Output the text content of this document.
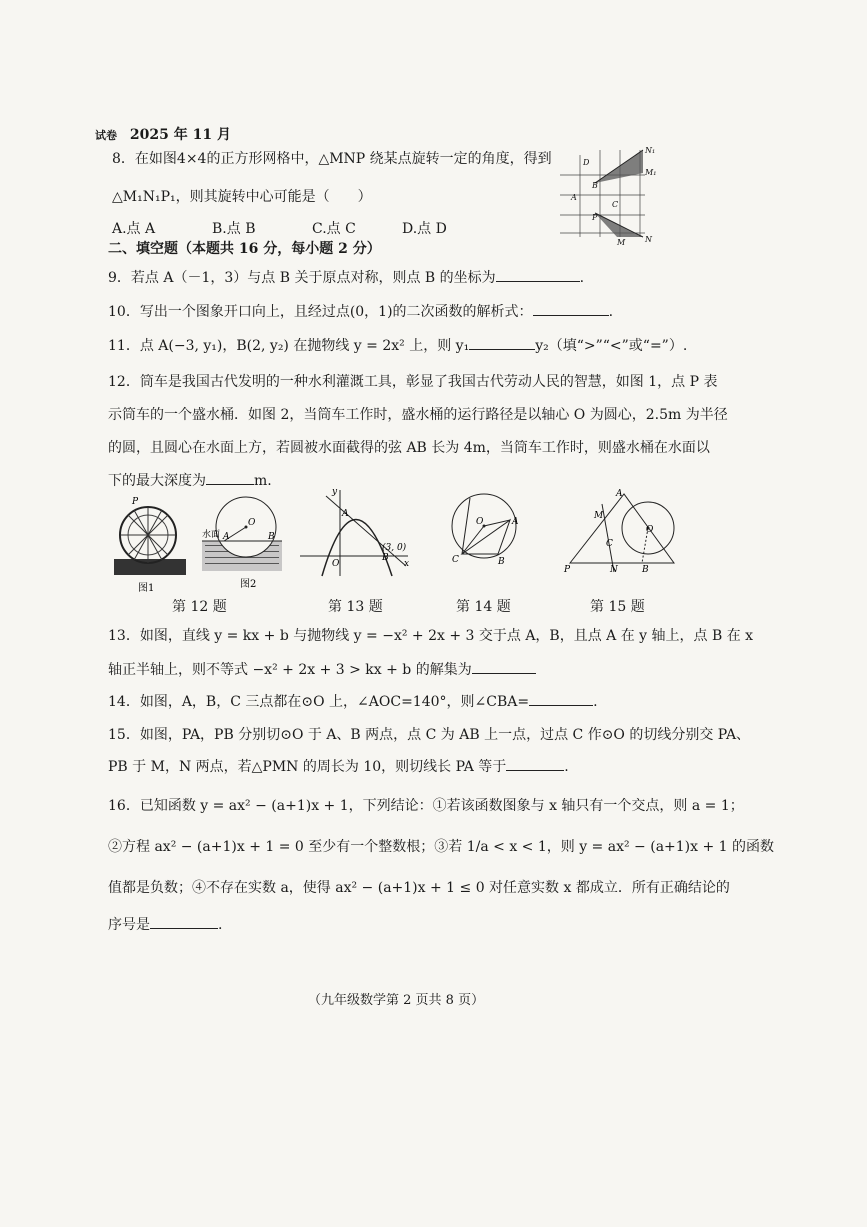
试卷 2025 年 11 月
8．在如图4×4的正方形网格中，△MNP 绕某点旋转一定的角度，得到
△M₁N₁P₁，则其旋转中心可能是（　　）
A.点 A	B.点 B	C.点 C	D.点 D
D
N₁
M₁
B
A
C
P
M N
二、填空题（本题共 16 分，每小题 2 分）
9．若点 A（－1，3）与点 B 关于原点对称，则点 B 的坐标为	.
10．写出一个图象开口向上，且经过点(0，1)的二次函数的解析式：	.
11．点 A(−3, y₁)，B(2, y₂) 在抛物线 y = 2x² 上，则 y₁	y₂（填“>”“<”或“=”）.
12．筒车是我国古代发明的一种水利灌溉工具，彰显了我国古代劳动人民的智慧，如图 1，点 P 表
示筒车的一个盛水桶．如图 2，当筒车工作时，盛水桶的运行路径是以轴心 O 为圆心，2.5m 为半径
的圆，且圆心在水面上方，若圆被水面截得的弦 AB 长为 4m，当筒车工作时，则盛水桶在水面以
下的最大深度为	m.
P
图1
O
A	B
水面
图2
y
(3, 0)
O	x
A
B
O
C
A
B
A
M
O
C
P	N	B
第 12 题	第 13 题	第 14 题	第 15 题
13．如图，直线 y = kx + b 与抛物线 y = −x² + 2x + 3 交于点 A，B，且点 A 在 y 轴上，点 B 在 x
轴正半轴上，则不等式 −x² + 2x + 3 > kx + b 的解集为
14．如图，A，B，C 三点都在⊙O 上，∠AOC=140°，则∠CBA=	.
15．如图，PA，PB 分别切⊙O 于 A、B 两点，点 C 为 AB 上一点，过点 C 作⊙O 的切线分别交 PA、
PB 于 M，N 两点，若△PMN 的周长为 10，则切线长 PA 等于	.
16．已知函数 y = ax² − (a+1)x + 1，下列结论：①若该函数图象与 x 轴只有一个交点，则 a = 1；
②方程 ax² − (a+1)x + 1 = 0 至少有一个整数根；③若 1/a < x < 1，则 y = ax² − (a+1)x + 1 的函数
值都是负数；④不存在实数 a，使得 ax² − (a+1)x + 1 ≤ 0 对任意实数 x 都成立．所有正确结论的
序号是	.
（九年级数学第 2 页共 8 页）
